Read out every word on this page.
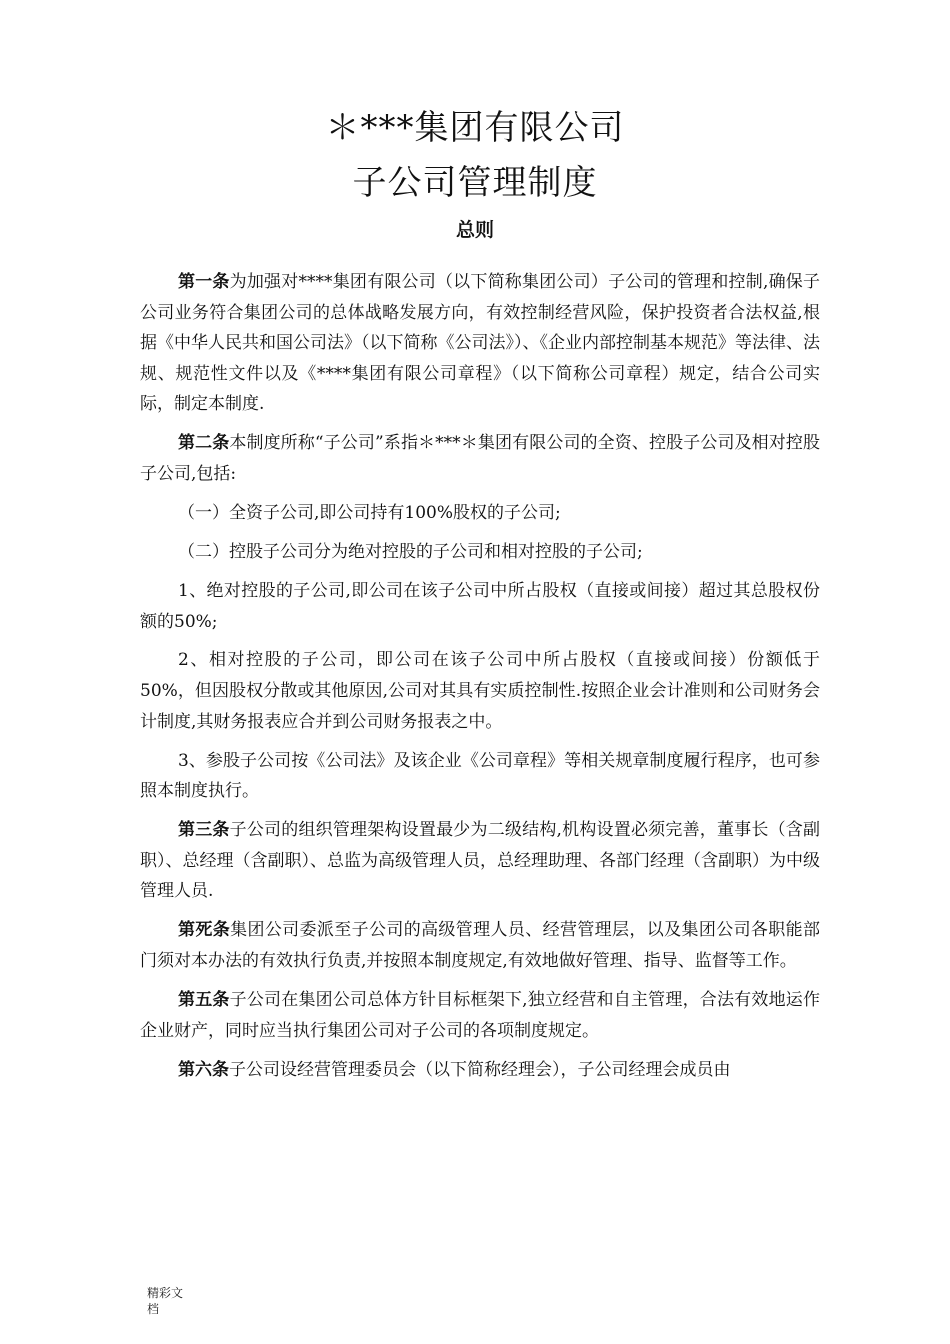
＊***集团有限公司
子公司管理制度
总则

第一条为加强对****集团有限公司（以下简称集团公司）子公司的管理和控制,确保子公司业务符合集团公司的总体战略发展方向，有效控制经营风险，保护投资者合法权益,根据《中华人民共和国公司法》（以下简称《公司法》）、《企业内部控制基本规范》等法律、法规、规范性文件以及《****集团有限公司章程》（以下简称公司章程）规定，结合公司实际，制定本制度.

第二条本制度所称“子公司”系指＊***＊集团有限公司的全资、控股子公司及相对控股子公司,包括:

（一）全资子公司,即公司持有100%股权的子公司;

（二）控股子公司分为绝对控股的子公司和相对控股的子公司;

1、绝对控股的子公司,即公司在该子公司中所占股权（直接或间接）超过其总股权份额的50%;

2、相对控股的子公司，即公司在该子公司中所占股权（直接或间接）份额低于50%，但因股权分散或其他原因,公司对其具有实质控制性.按照企业会计准则和公司财务会计制度,其财务报表应合并到公司财务报表之中。

3、参股子公司按《公司法》及该企业《公司章程》等相关规章制度履行程序，也可参照本制度执行。

第三条子公司的组织管理架构设置最少为二级结构,机构设置必须完善，董事长（含副职）、总经理（含副职）、总监为高级管理人员，总经理助理、各部门经理（含副职）为中级管理人员.

第死条集团公司委派至子公司的高级管理人员、经营管理层，以及集团公司各职能部门须对本办法的有效执行负责,并按照本制度规定,有效地做好管理、指导、监督等工作。

第五条子公司在集团公司总体方针目标框架下,独立经营和自主管理，合法有效地运作企业财产，同时应当执行集团公司对子公司的各项制度规定。

第六条子公司设经营管理委员会（以下简称经理会），子公司经理会成员由

精彩文
档
